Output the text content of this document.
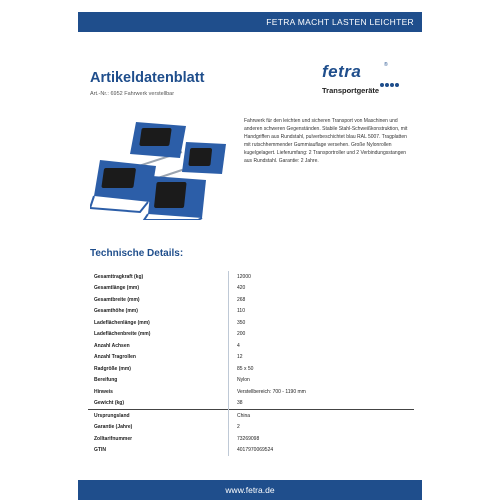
FETRA MACHT LASTEN LEICHTER
Artikeldatenblatt
Art.-Nr.: 6952 Fahrwerk verstellbar
fetra	®
Transportgeräte
Fahrwerk für den leichten und sicheren Transport von Maschinen und anderen schweren Gegenständen. Stabile Stahl-Schweißkonstruktion, mit Handgriffen aus Rundstahl, pulverbeschichtet blau RAL 5007. Tragplatten mit rutschhemmender Gummiauflage versehen. Große Nylonrollen kugelgelagert. Lieferumfang: 2 Transportroller und 2 Verbindungsstangen aus Rundstahl. Garantie: 2 Jahre.
Technische Details:
Gesamttragkraft (kg)	12000
Gesamtlänge (mm)	420
Gesamtbreite (mm)	268
Gesamthöhe (mm)	110
Ladeflächenlänge (mm)	350
Ladeflächenbreite (mm)	200
Anzahl Achsen	4
Anzahl Tragrollen	12
Radgröße (mm)	85 x 50
Bereifung	Nylon
Hinweis	Verstellbereich: 700 - 1190 mm
Gewicht (kg)	38
Ursprungsland	China
Garantie (Jahre)	2
Zolltarifnummer	73269098
GTIN	4017970069524
www.fetra.de
